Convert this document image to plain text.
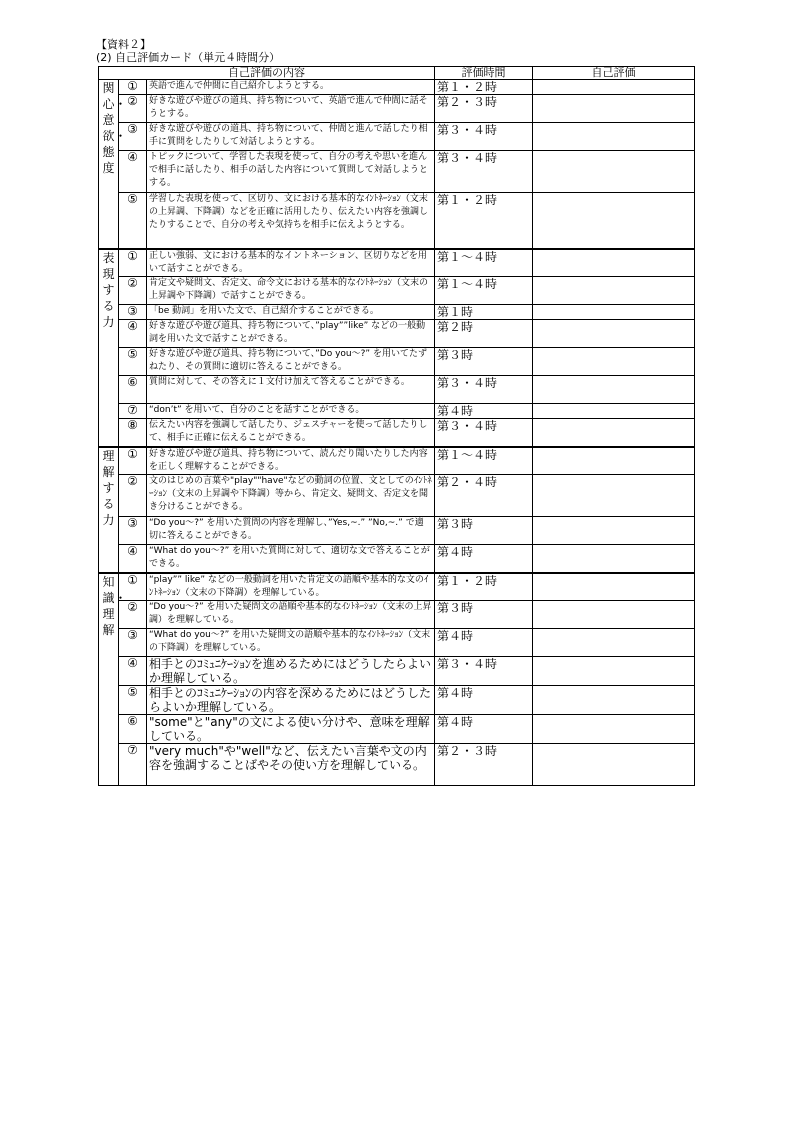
【資料２】
(2) 自己評価カード（単元４時間分）
自己評価の内容			評価時間	自己評価

関心・意欲・態度	①	英語で進んで仲間に自己紹介しようとする。	第１・２時	
	②	好きな遊びや遊びの道具、持ち物について、英語で進んで仲間に話そうとする。	第２・３時	
	③	好きな遊びや遊びの道具、持ち物について、仲間と進んで話したり相手に質問をしたりして対話しようとする。	第３・４時	
	④	トピックについて、学習した表現を使って、自分の考えや思いを進んで相手に話したり、相手の話した内容について質問して対話しようとする。	第３・４時	
	⑤	学習した表現を使って、区切り、文における基本的なｲﾝﾄﾈｰｼｮﾝ（文末の上昇調、下降調）などを正確に活用したり、伝えたい内容を強調したりすることで、自分の考えや気持ちを相手に伝えようとする。	第１・２時	

表現する力	①	正しい強弱、文における基本的なイントネーション、区切りなどを用いて話すことができる。	第１～４時	
	②	肯定文や疑問文、否定文、命令文における基本的なｲﾝﾄﾈｰｼｮﾝ（文末の上昇調や下降調）で話すことができる。	第１～４時	
	③	「be 動詞」を用いた文で、自己紹介することができる。	第１時	
	④	好きな遊びや遊び道具、持ち物について、”play””like” などの一般動詞を用いた文で話すことができる。	第２時	
	⑤	好きな遊びや遊び道具、持ち物について、”Do you～?” を用いてたずねたり、その質問に適切に答えることができる。	第３時	
	⑥	質問に対して、その答えに１文付け加えて答えることができる。	第３・４時	
	⑦	“don’t” を用いて、自分のことを話すことができる。	第４時	
	⑧	伝えたい内容を強調して話したり、ジェスチャーを使って話したりして、相手に正確に伝えることができる。	第３・４時	

理解する力	①	好きな遊びや遊び道具、持ち物について、読んだり聞いたりした内容を正しく理解することができる。	第１～４時	
	②	文のはじめの言葉や"play""have"などの動詞の位置、文としてのｲﾝﾄﾈｰｼｮﾝ（文末の上昇調や下降調）等から、肯定文、疑問文、否定文を聞き分けることができる。	第２・４時	
	③	“Do you～?” を用いた質問の内容を理解し、”Yes,~.” ”No,~.” で適切に答えることができる。	第３時	
	④	“What do you～?” を用いた質問に対して、適切な文で答えることができる。	第４時	

知識・理解	①	“play”” like” などの一般動詞を用いた肯定文の語順や基本的な文のｲﾝﾄﾈｰｼｮﾝ（文末の下降調）を理解している。	第１・２時	
	②	“Do you～?” を用いた疑問文の語順や基本的なｲﾝﾄﾈｰｼｮﾝ（文末の上昇調）を理解している。	第３時	
	③	“What do you～?” を用いた疑問文の語順や基本的なｲﾝﾄﾈｰｼｮﾝ（文末の下降調）を理解している。	第４時	
	④	相手とのｺﾐｭﾆｹｰｼｮﾝを進めるためにはどうしたらよいか理解している。	第３・４時	
	⑤	相手とのｺﾐｭﾆｹｰｼｮﾝの内容を深めるためにはどうしたらよいか理解している。	第４時	
	⑥	"some"と"any"の文による使い分けや、意味を理解している。	第４時	
	⑦	"very much"や"well"など、伝えたい言葉や文の内容を強調することばやその使い方を理解している。	第２・３時	
